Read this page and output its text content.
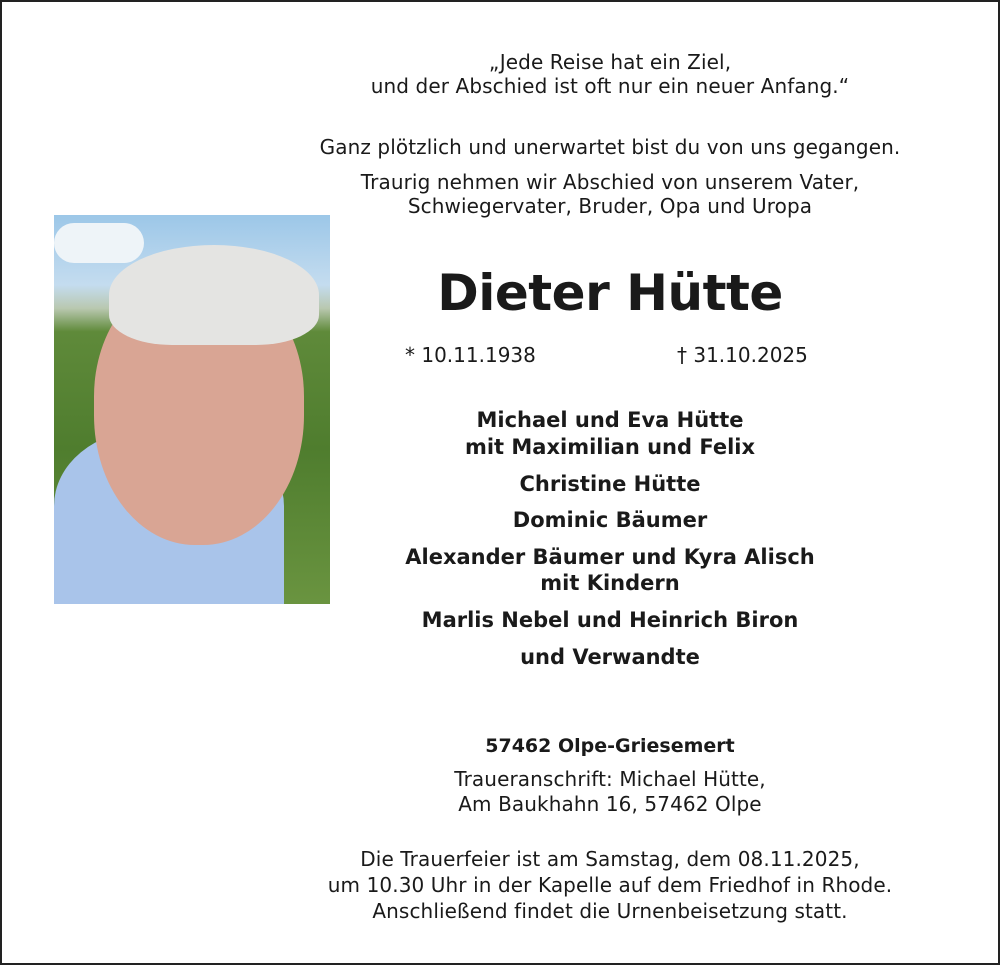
„Jede Reise hat ein Ziel,
und der Abschied ist oft nur ein neuer Anfang.“
Ganz plötzlich und unerwartet bist du von uns gegangen.
Traurig nehmen wir Abschied von unserem Vater,
Schwiegervater, Bruder, Opa und Uropa
Dieter Hütte
* 10.11.1938	† 31.10.2025
Michael und Eva Hütte
mit Maximilian und Felix
Christine Hütte
Dominic Bäumer
Alexander Bäumer und Kyra Alisch
mit Kindern
Marlis Nebel und Heinrich Biron
und Verwandte
57462 Olpe-Griesemert
Traueranschrift: Michael Hütte,
Am Baukhahn 16, 57462 Olpe
Die Trauerfeier ist am Samstag, dem 08.11.2025,
um 10.30 Uhr in der Kapelle auf dem Friedhof in Rhode.
Anschließend findet die Urnenbeisetzung statt.
